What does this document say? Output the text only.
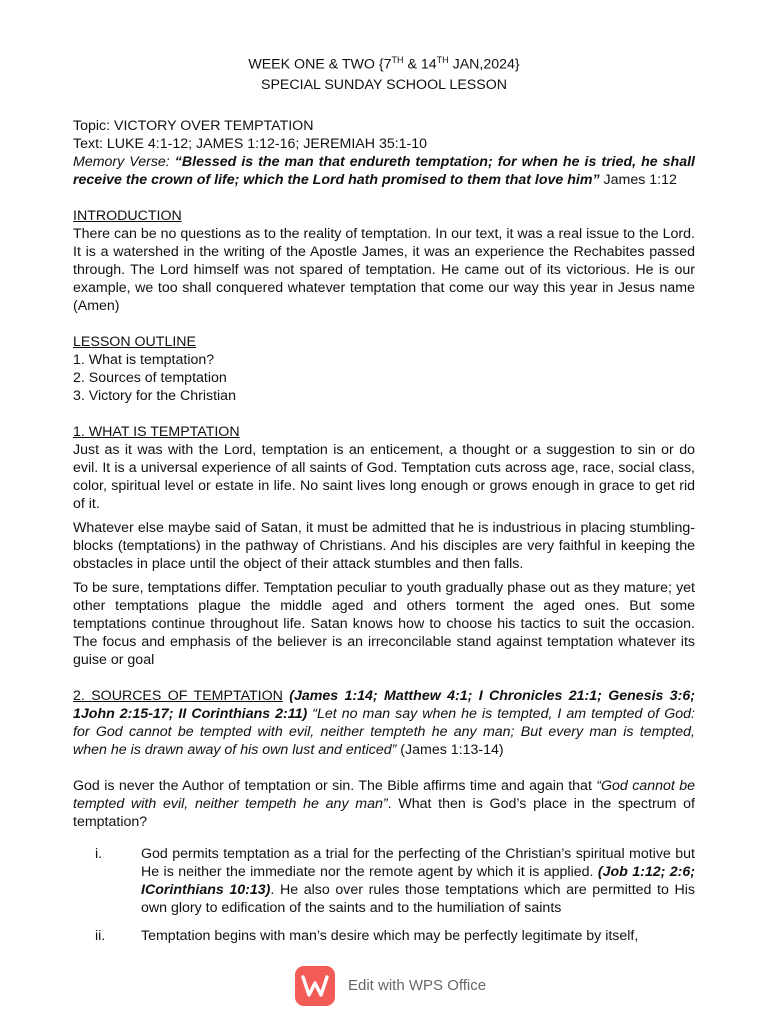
WEEK ONE & TWO {7TH & 14TH JAN,2024}
SPECIAL SUNDAY SCHOOL LESSON
Topic: VICTORY OVER TEMPTATION
Text: LUKE 4:1-12; JAMES 1:12-16; JEREMIAH 35:1-10
Memory Verse: “Blessed is the man that endureth temptation; for when he is tried, he shall receive the crown of life; which the Lord hath promised to them that love him” James 1:12
INTRODUCTION

There can be no questions as to the reality of temptation. In our text, it was a real issue to the Lord. It is a watershed in the writing of the Apostle James, it was an experience the Rechabites passed through. The Lord himself was not spared of temptation. He came out of its victorious. He is our example, we too shall conquered whatever temptation that come our way this year in Jesus name (Amen)

LESSON OUTLINE
1. What is temptation?
2. Sources of temptation
3. Victory for the Christian
1. WHAT IS TEMPTATION

Just as it was with the Lord, temptation is an enticement, a thought or a suggestion to sin or do evil. It is a universal experience of all saints of God. Temptation cuts across age, race, social class, color, spiritual level or estate in life. No saint lives long enough or grows enough in grace to get rid of it.

Whatever else maybe said of Satan, it must be admitted that he is industrious in placing stumbling-blocks (temptations) in the pathway of Christians. And his disciples are very faithful in keeping the obstacles in place until the object of their attack stumbles and then falls.

To be sure, temptations differ. Temptation peculiar to youth gradually phase out as they mature; yet other temptations plague the middle aged and others torment the aged ones. But some temptations continue throughout life. Satan knows how to choose his tactics to suit the occasion. The focus and emphasis of the believer is an irreconcilable stand against temptation whatever its guise or goal

2. SOURCES OF TEMPTATION (James 1:14; Matthew 4:1; I Chronicles 21:1; Genesis 3:6; 1John 2:15-17; II Corinthians 2:11) “Let no man say when he is tempted, I am tempted of God: for God cannot be tempted with evil, neither tempteth he any man; But every man is tempted, when he is drawn away of his own lust and enticed” (James 1:13-14)

God is never the Author of temptation or sin. The Bible affirms time and again that “God cannot be tempted with evil, neither tempeth he any man”. What then is God’s place in the spectrum of temptation?

i.	God permits temptation as a trial for the perfecting of the Christian’s spiritual motive but He is neither the immediate nor the remote agent by which it is applied. (Job 1:12; 2:6; ICorinthians 10:13). He also over rules those temptations which are permitted to His own glory to edification of the saints and to the humiliation of saints
ii.	Temptation begins with man’s desire which may be perfectly legitimate by itself,
Edit with WPS Office
